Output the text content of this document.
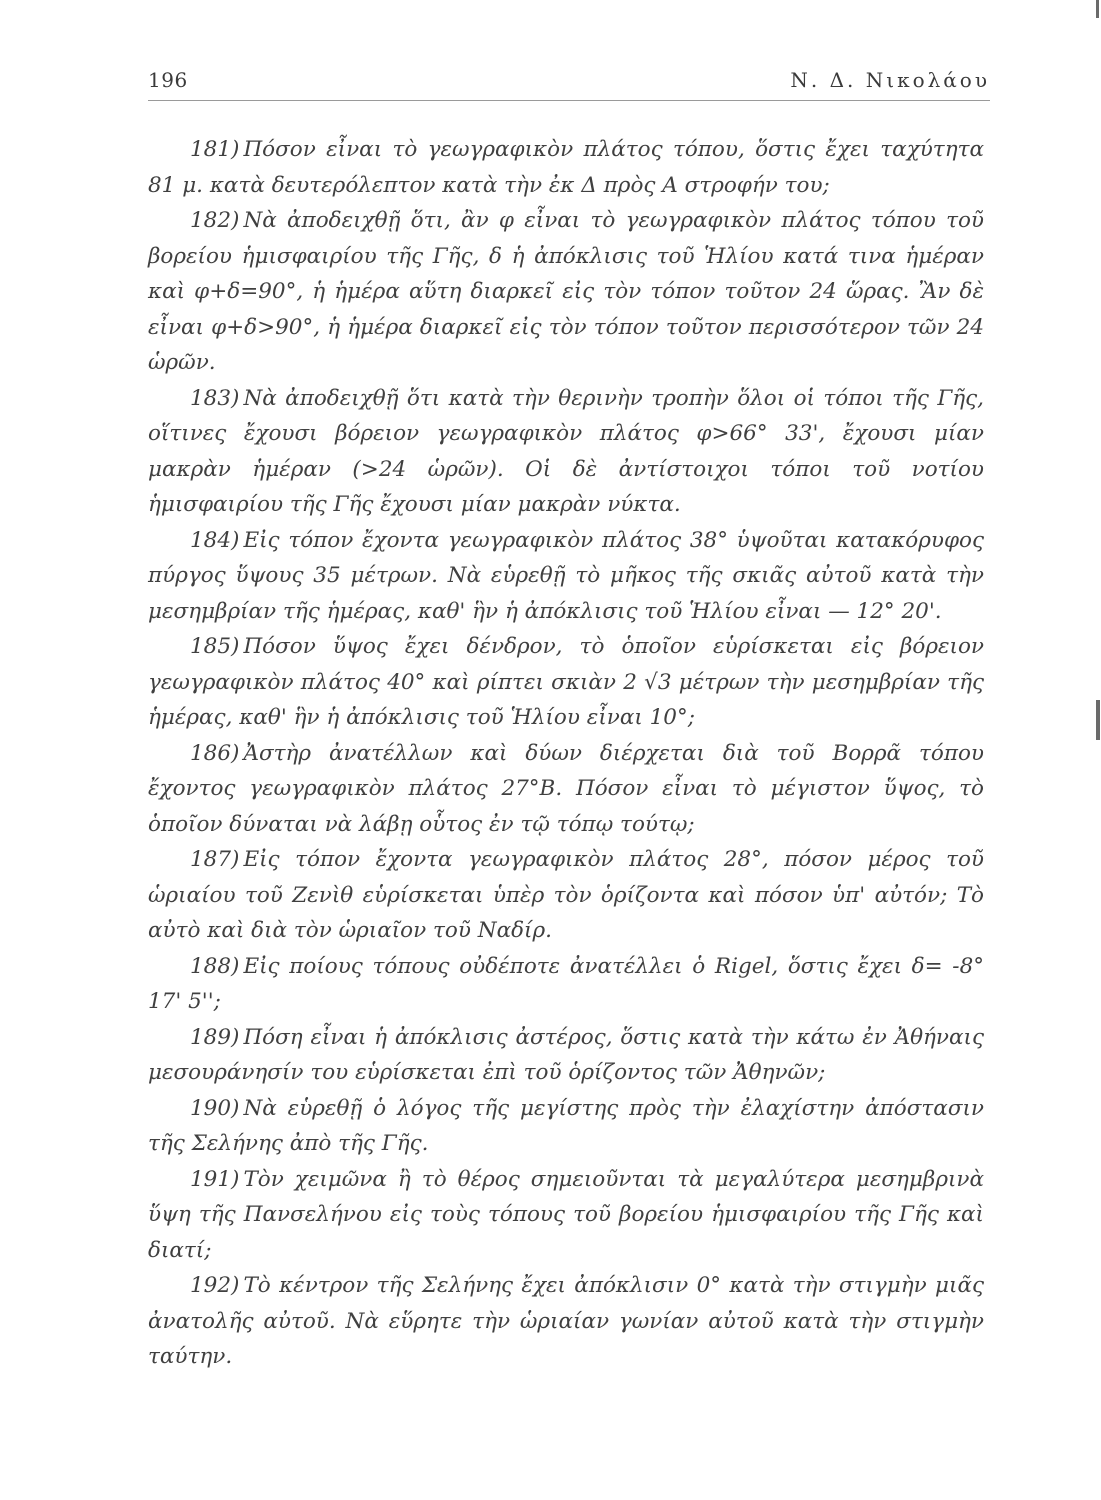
196	Ν. Δ. Νικολάου

181) Πόσον εἶναι τὸ γεωγραφικὸν πλάτος τόπου, ὅστις ἔχει ταχύτητα 81 μ. κατὰ δευτερόλεπτον κατὰ τὴν ἐκ Δ πρὸς Α στροφήν του;

182) Νὰ ἀποδειχθῇ ὅτι, ἂν φ εἶναι τὸ γεωγραφικὸν πλάτος τόπου τοῦ βορείου ἡμισφαιρίου τῆς Γῆς, δ ἡ ἀπόκλισις τοῦ Ἡλίου κατά τινα ἡμέραν καὶ φ+δ=90°, ἡ ἡμέρα αὕτη διαρκεῖ εἰς τὸν τόπον τοῦτον 24 ὥρας. Ἂν δὲ εἶναι φ+δ>90°, ἡ ἡμέρα διαρκεῖ εἰς τὸν τόπον τοῦτον περισσότερον τῶν 24 ὡρῶν.

183) Νὰ ἀποδειχθῇ ὅτι κατὰ τὴν θερινὴν τροπὴν ὅλοι οἱ τόποι τῆς Γῆς, οἵτινες ἔχουσι βόρειον γεωγραφικὸν πλάτος φ>66° 33', ἔχουσι μίαν μακρὰν ἡμέραν (>24 ὡρῶν). Οἱ δὲ ἀντίστοιχοι τόποι τοῦ νοτίου ἡμισφαιρίου τῆς Γῆς ἔχουσι μίαν μακρὰν νύκτα.

184) Εἰς τόπον ἔχοντα γεωγραφικὸν πλάτος 38° ὑψοῦται κατακόρυφος πύργος ὕψους 35 μέτρων. Νὰ εὑρεθῇ τὸ μῆκος τῆς σκιᾶς αὐτοῦ κατὰ τὴν μεσημβρίαν τῆς ἡμέρας, καθ' ἣν ἡ ἀπόκλισις τοῦ Ἡλίου εἶναι — 12° 20'.

185) Πόσον ὕψος ἔχει δένδρον, τὸ ὁποῖον εὑρίσκεται εἰς βόρειον γεωγραφικὸν πλάτος 40° καὶ ρίπτει σκιὰν 2 √3 μέτρων τὴν μεσημβρίαν τῆς ἡμέρας, καθ' ἣν ἡ ἀπόκλισις τοῦ Ἡλίου εἶναι 10°;

186) Ἀστὴρ ἀνατέλλων καὶ δύων διέρχεται διὰ τοῦ Βορρᾶ τόπου ἔχοντος γεωγραφικὸν πλάτος 27°Β. Πόσον εἶναι τὸ μέγιστον ὕψος, τὸ ὁποῖον δύναται νὰ λάβῃ οὗτος ἐν τῷ τόπῳ τούτῳ;

187) Εἰς τόπον ἔχοντα γεωγραφικὸν πλάτος 28°, πόσον μέρος τοῦ ὡριαίου τοῦ Ζενὶθ εὑρίσκεται ὑπὲρ τὸν ὁρίζοντα καὶ πόσον ὑπ' αὐτόν; Τὸ αὐτὸ καὶ διὰ τὸν ὡριαῖον τοῦ Ναδίρ.

188) Εἰς ποίους τόπους οὐδέποτε ἀνατέλλει ὁ Rigel, ὅστις ἔχει δ= -8° 17' 5'';

189) Πόση εἶναι ἡ ἀπόκλισις ἀστέρος, ὅστις κατὰ τὴν κάτω ἐν Ἀθήναις μεσουράνησίν του εὑρίσκεται ἐπὶ τοῦ ὁρίζοντος τῶν Ἀθηνῶν;

190) Νὰ εὑρεθῇ ὁ λόγος τῆς μεγίστης πρὸς τὴν ἐλαχίστην ἀπόστασιν τῆς Σελήνης ἀπὸ τῆς Γῆς.

191) Τὸν χειμῶνα ἢ τὸ θέρος σημειοῦνται τὰ μεγαλύτερα μεσημβρινὰ ὕψη τῆς Πανσελήνου εἰς τοὺς τόπους τοῦ βορείου ἡμισφαιρίου τῆς Γῆς καὶ διατί;

192) Τὸ κέντρον τῆς Σελήνης ἔχει ἀπόκλισιν 0° κατὰ τὴν στιγμὴν μιᾶς ἀνατολῆς αὐτοῦ. Νὰ εὕρητε τὴν ὡριαίαν γωνίαν αὐτοῦ κατὰ τὴν στιγμὴν ταύτην.
